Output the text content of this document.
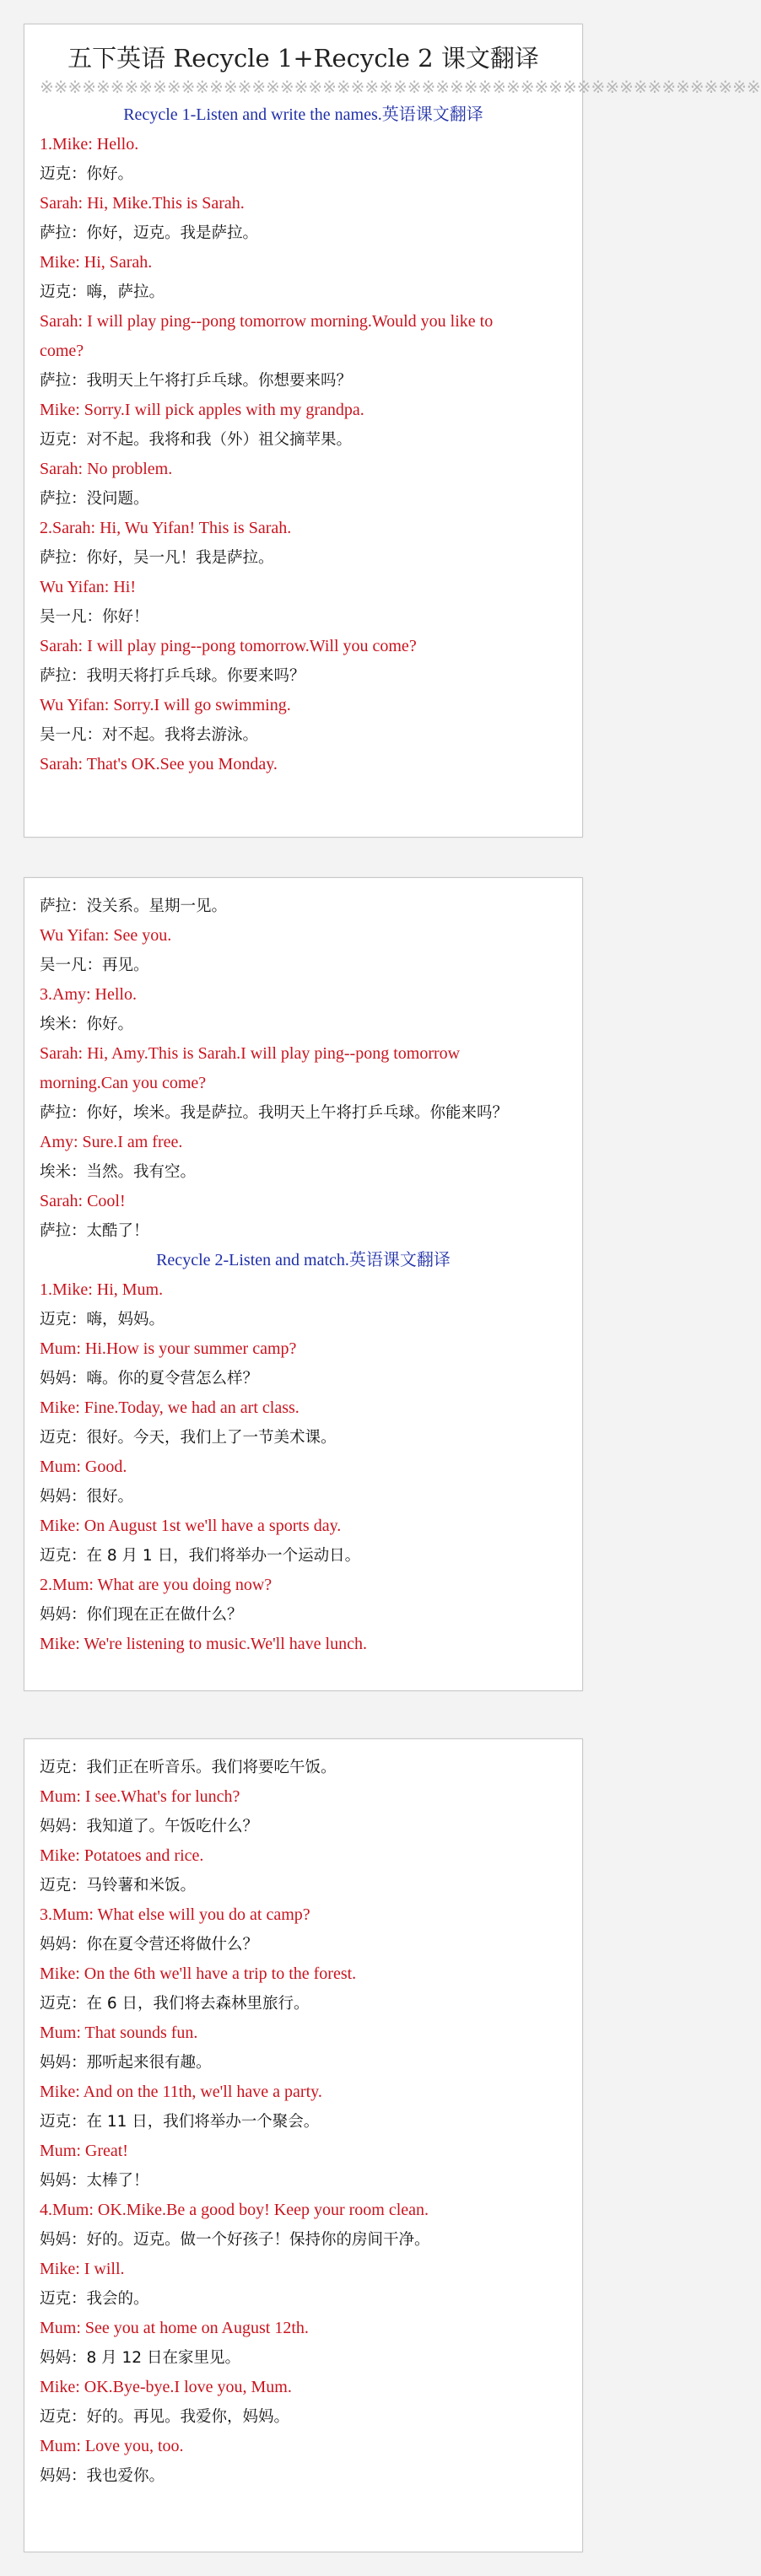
五下英语 Recycle 1+Recycle 2 课文翻译
※※※※※※※※※※※※※※※※※※※※※※※※※※※※※※※※※※※※※※※※※※※※※※※※※※※
Recycle 1-Listen and write the names.英语课文翻译
1.Mike: Hello.
迈克：你好。
Sarah: Hi, Mike.This is Sarah.
萨拉：你好，迈克。我是萨拉。
Mike: Hi, Sarah.
迈克：嗨，萨拉。
Sarah: I will play ping--pong tomorrow morning.Would you like to
come?
萨拉：我明天上午将打乒乓球。你想要来吗？
Mike: Sorry.I will pick apples with my grandpa.
迈克：对不起。我将和我（外）祖父摘苹果。
Sarah: No problem.
萨拉：没问题。
2.Sarah: Hi, Wu Yifan! This is Sarah.
萨拉：你好，吴一凡！我是萨拉。
Wu Yifan: Hi!
吴一凡：你好！
Sarah: I will play ping--pong tomorrow.Will you come?
萨拉：我明天将打乒乓球。你要来吗？
Wu Yifan: Sorry.I will go swimming.
吴一凡：对不起。我将去游泳。
Sarah: That's OK.See you Monday.
萨拉：没关系。星期一见。
Wu Yifan: See you.
吴一凡：再见。
3.Amy: Hello.
埃米：你好。
Sarah: Hi, Amy.This is Sarah.I will play ping--pong tomorrow
morning.Can you come?
萨拉：你好，埃米。我是萨拉。我明天上午将打乒乓球。你能来吗？
Amy: Sure.I am free.
埃米：当然。我有空。
Sarah: Cool!
萨拉：太酷了！
Recycle 2-Listen and match.英语课文翻译
1.Mike: Hi, Mum.
迈克：嗨，妈妈。
Mum: Hi.How is your summer camp?
妈妈：嗨。你的夏令营怎么样？
Mike: Fine.Today, we had an art class.
迈克：很好。今天，我们上了一节美术课。
Mum: Good.
妈妈：很好。
Mike: On August 1st we'll have a sports day.
迈克：在 8 月 1 日，我们将举办一个运动日。
2.Mum: What are you doing now?
妈妈：你们现在正在做什么？
Mike: We're listening to music.We'll have lunch.
迈克：我们正在听音乐。我们将要吃午饭。
Mum: I see.What's for lunch?
妈妈：我知道了。午饭吃什么？
Mike: Potatoes and rice.
迈克：马铃薯和米饭。
3.Mum: What else will you do at camp?
妈妈：你在夏令营还将做什么？
Mike: On the 6th we'll have a trip to the forest.
迈克：在 6 日，我们将去森林里旅行。
Mum: That sounds fun.
妈妈：那听起来很有趣。
Mike: And on the 11th, we'll have a party.
迈克：在 11 日，我们将举办一个聚会。
Mum: Great!
妈妈：太棒了！
4.Mum: OK.Mike.Be a good boy! Keep your room clean.
妈妈：好的。迈克。做一个好孩子！保持你的房间干净。
Mike: I will.
迈克：我会的。
Mum: See you at home on August 12th.
妈妈：8 月 12 日在家里见。
Mike: OK.Bye-bye.I love you, Mum.
迈克：好的。再见。我爱你，妈妈。
Mum: Love you, too.
妈妈：我也爱你。
